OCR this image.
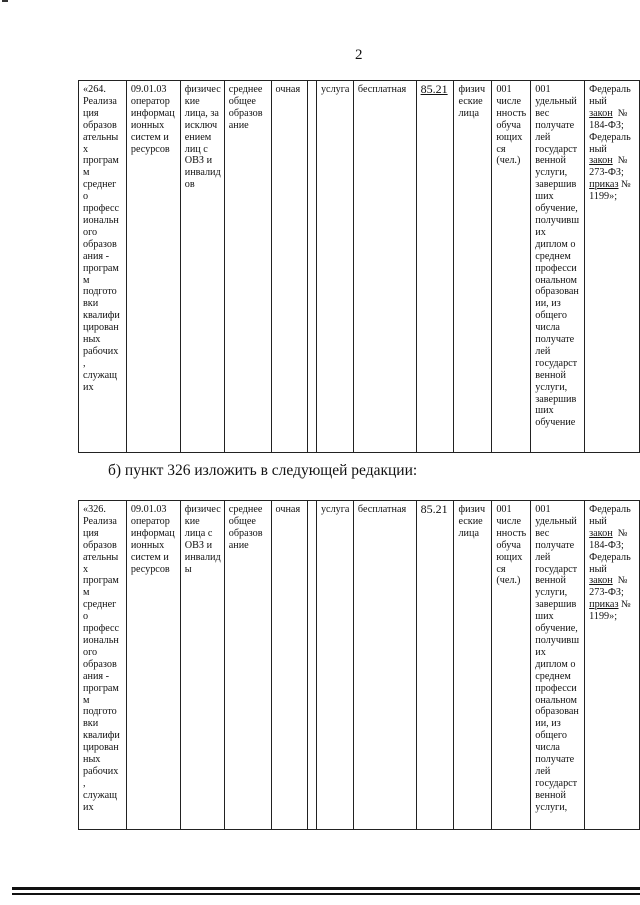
2
«264.
Реализа
ция
образов
ательны
х
програм
м
среднег
о
професс
иональн
ого
образов
ания -
програм
м
подгото
вки
квалифи
цирован
ных
рабочих
,
служащ
их	09.01.03
оператор
информац
ионных
систем и
ресурсов	физичес
кие
лица, за
исключ
ением
лиц с
ОВЗ и
инвалид
ов	среднее
общее
образов
ание	очная		услуга	бесплатная	85.21	физич
еские
лица	001
числе
нность
обуча
ющих
ся
(чел.)	001
удельный
вес
получате
лей
государст
венной
услуги,
завершив
ших
обучение,
получивш
их
диплом о
среднем
професси
ональном
образован
ии, из
общего
числа
получате
лей
государст
венной
услуги,
завершив
ших
обучение	Федераль
ный
закон  №
184-ФЗ;
Федераль
ный
закон  №
273-ФЗ;
приказ №
1199»;
б) пункт 326 изложить в следующей редакции:
«326.
Реализа
ция
образов
ательны
х
програм
м
среднег
о
професс
иональн
ого
образов
ания -
програм
м
подгото
вки
квалифи
цирован
ных
рабочих
,
служащ
их	09.01.03
оператор
информац
ионных
систем и
ресурсов	физичес
кие
лица с
ОВЗ и
инвалид
ы	среднее
общее
образов
ание	очная		услуга	бесплатная	85.21	физич
еские
лица	001
числе
нность
обуча
ющих
ся
(чел.)	001
удельный
вес
получате
лей
государст
венной
услуги,
завершив
ших
обучение,
получивш
их
диплом о
среднем
професси
ональном
образован
ии, из
общего
числа
получате
лей
государст
венной
услуги,	Федераль
ный
закон  №
184-ФЗ;
Федераль
ный
закон  №
273-ФЗ;
приказ №
1199»;
